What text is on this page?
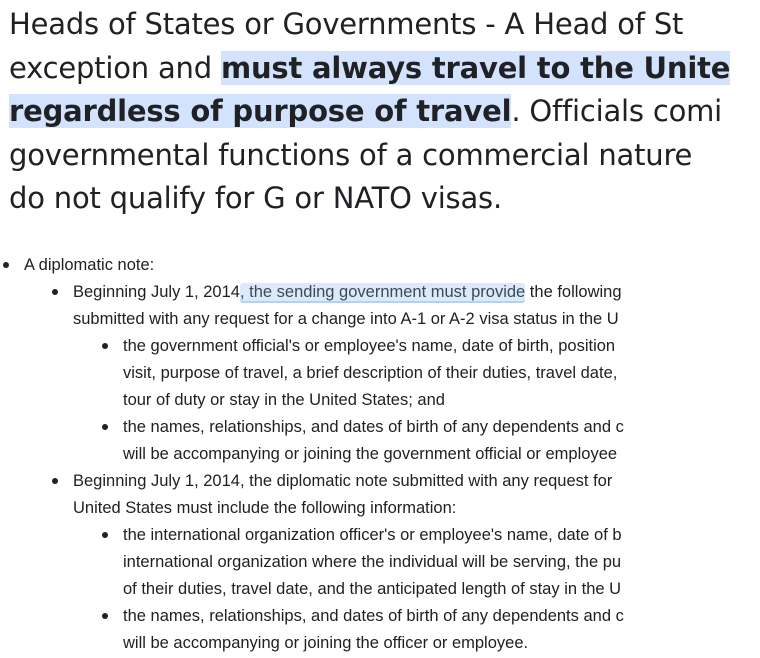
Heads of States or Governments - A Head of St
exception and must always travel to the Unite
regardless of purpose of travel. Officials comi
governmental functions of a commercial nature
do not qualify for G or NATO visas.
A diplomatic note:
Beginning July 1, 2014, the sending government must provide the following
submitted with any request for a change into A-1 or A-2 visa status in the U
the government official's or employee's name, date of birth, position
visit, purpose of travel, a brief description of their duties, travel date,
tour of duty or stay in the United States; and
the names, relationships, and dates of birth of any dependents and c
will be accompanying or joining the government official or employee
Beginning July 1, 2014, the diplomatic note submitted with any request for
United States must include the following information:
the international organization officer's or employee's name, date of b
international organization where the individual will be serving, the pu
of their duties, travel date, and the anticipated length of stay in the U
the names, relationships, and dates of birth of any dependents and c
will be accompanying or joining the officer or employee.
